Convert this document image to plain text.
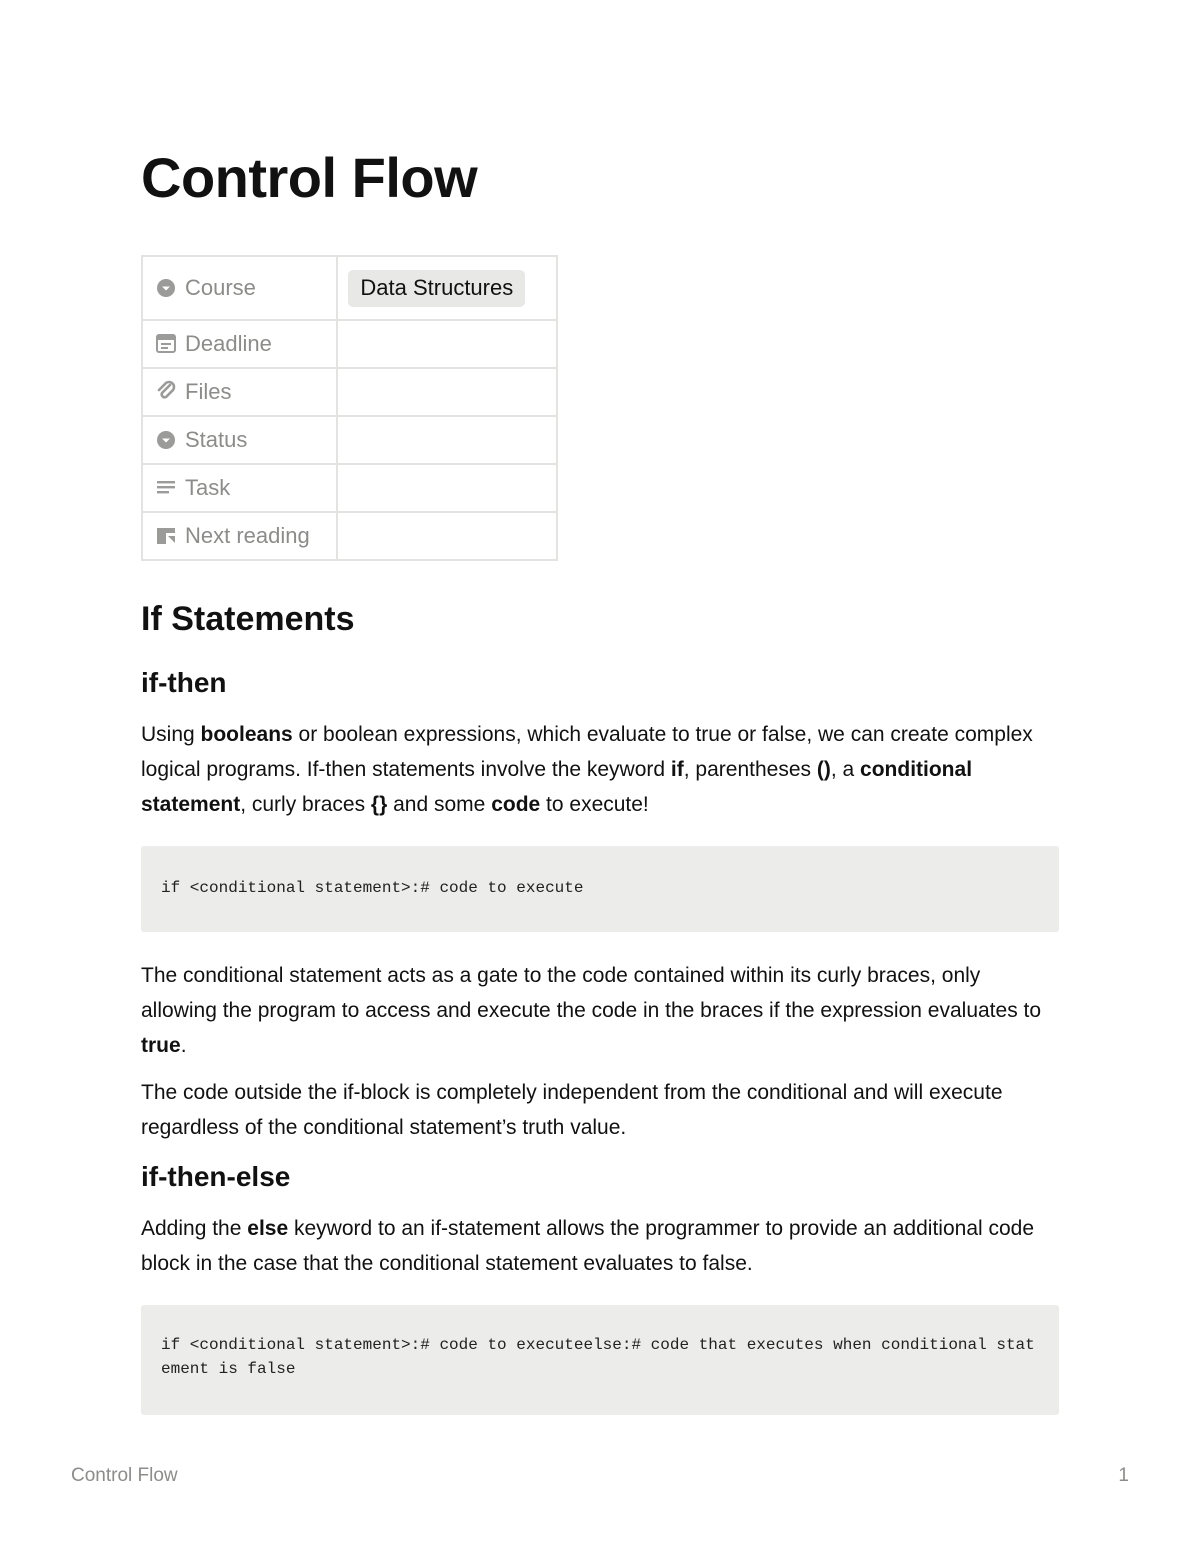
Control Flow
Course	Data Structures
Deadline	
Files	
Status	
Task	
Next reading	
If Statements
if-then

Using booleans or boolean expressions, which evaluate to true or false, we can create complex logical programs. If-then statements involve the keyword if, parentheses (), a conditional statement, curly braces {} and some code to execute!

if <conditional statement>:# code to execute

The conditional statement acts as a gate to the code contained within its curly braces, only allowing the program to access and execute the code in the braces if the expression evaluates to true.

The code outside the if-block is completely independent from the conditional and will execute regardless of the conditional statement’s truth value.

if-then-else

Adding the else keyword to an if-statement allows the programmer to provide an additional code block in the case that the conditional statement evaluates to false.

if <conditional statement>:# code to executeelse:# code that executes when conditional statement is false
Control Flow	1
